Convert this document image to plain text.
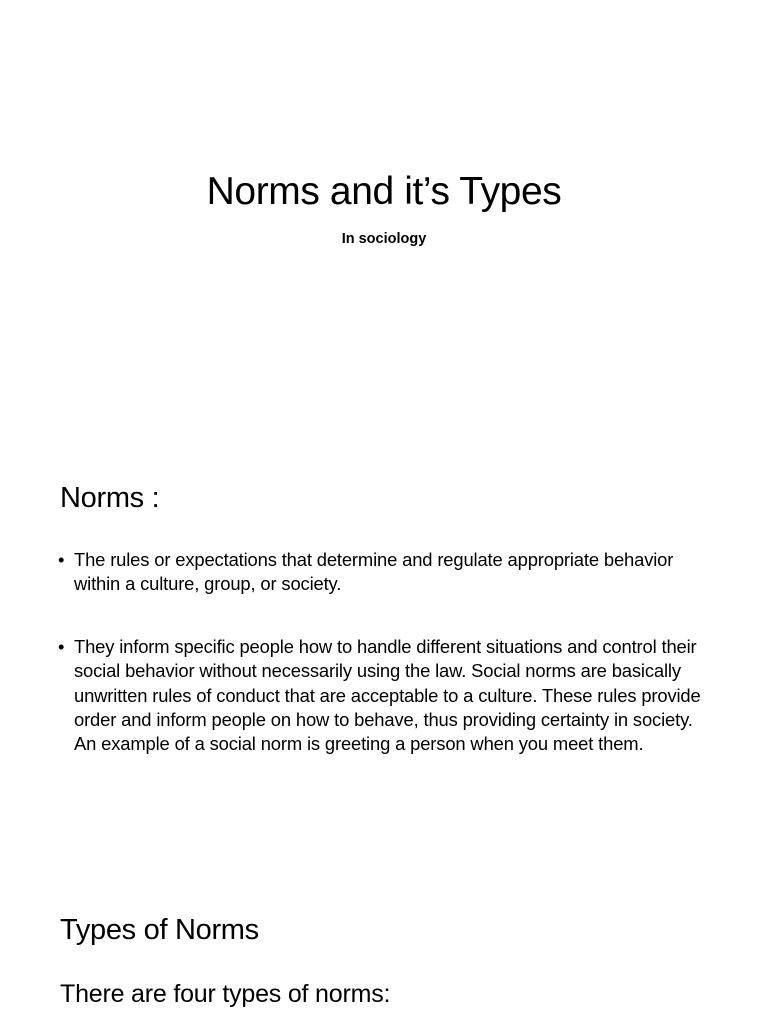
Norms and it’s Types
In sociology
Norms :
• The rules or expectations that determine and regulate appropriate behavior within a culture, group, or society.
• They inform specific people how to handle different situations and control their social behavior without necessarily using the law. Social norms are basically unwritten rules of conduct that are acceptable to a culture. These rules provide order and inform people on how to behave, thus providing certainty in society. An example of a social norm is greeting a person when you meet them.
Types of Norms
There are four types of norms:
